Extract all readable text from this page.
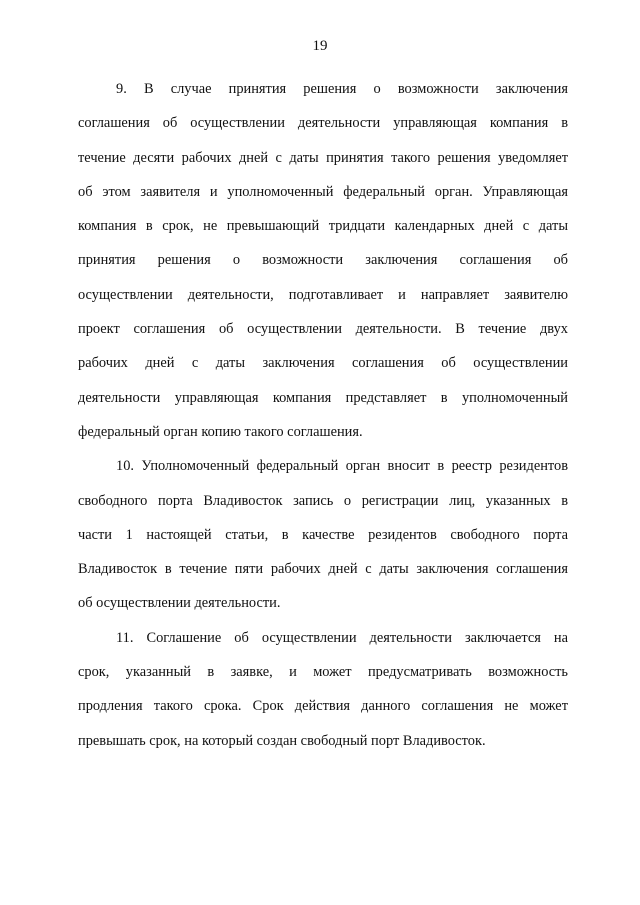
19

9. В случае принятия решения о возможности заключения
соглашения об осуществлении деятельности управляющая компания в
течение десяти рабочих дней с даты принятия такого решения уведомляет
об этом заявителя и уполномоченный федеральный орган. Управляющая
компания в срок, не превышающий тридцати календарных дней с даты
принятия решения о возможности заключения соглашения об
осуществлении деятельности, подготавливает и направляет заявителю
проект соглашения об осуществлении деятельности. В течение двух
рабочих дней с даты заключения соглашения об осуществлении
деятельности управляющая компания представляет в уполномоченный
федеральный орган копию такого соглашения.

10. Уполномоченный федеральный орган вносит в реестр резидентов
свободного порта Владивосток запись о регистрации лиц, указанных в
части 1 настоящей статьи, в качестве резидентов свободного порта
Владивосток в течение пяти рабочих дней с даты заключения соглашения
об осуществлении деятельности.

11. Соглашение об осуществлении деятельности заключается на
срок, указанный в заявке, и может предусматривать возможность
продления такого срока. Срок действия данного соглашения не может
превышать срок, на который создан свободный порт Владивосток.
